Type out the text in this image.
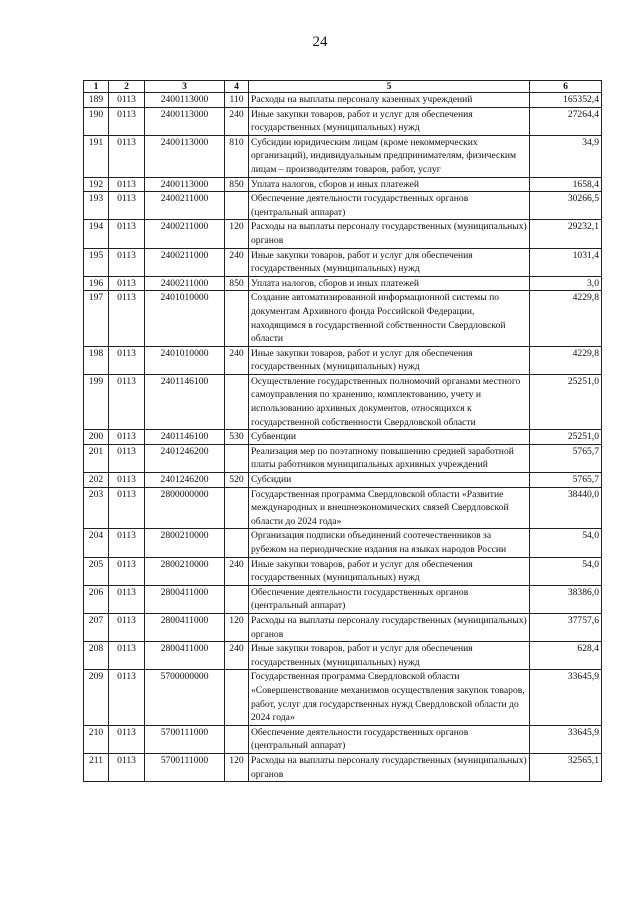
24
1	2	3	4	5	6
189	0113	2400113000	110	Расходы на выплаты персоналу казенных учреждений	165352,4
190	0113	2400113000	240	Иные закупки товаров, работ и услуг для обеспечения государственных (муниципальных) нужд	27264,4
191	0113	2400113000	810	Субсидии юридическим лицам (кроме некоммерческих организаций), индивидуальным предпринимателям, физическим лицам – производителям товаров, работ, услуг	34,9
192	0113	2400113000	850	Уплата налогов, сборов и иных платежей	1658,4
193	0113	2400211000		Обеспечение деятельности государственных органов (центральный аппарат)	30266,5
194	0113	2400211000	120	Расходы на выплаты персоналу государственных (муниципальных) органов	29232,1
195	0113	2400211000	240	Иные закупки товаров, работ и услуг для обеспечения государственных (муниципальных) нужд	1031,4
196	0113	2400211000	850	Уплата налогов, сборов и иных платежей	3,0
197	0113	2401010000		Создание автоматизированной информационной системы по документам Архивного фонда Российской Федерации, находящимся в государственной собственности Свердловской области	4229,8
198	0113	2401010000	240	Иные закупки товаров, работ и услуг для обеспечения государственных (муниципальных) нужд	4229,8
199	0113	2401146100		Осуществление государственных полномочий органами местного самоуправления по хранению, комплектованию, учету и использованию архивных документов, относящихся к государственной собственности Свердловской области	25251,0
200	0113	2401146100	530	Субвенции	25251,0
201	0113	2401246200		Реализация мер по поэтапному повышению средней заработной платы работников муниципальных архивных учреждений	5765,7
202	0113	2401246200	520	Субсидии	5765,7
203	0113	2800000000		Государственная программа Свердловской области «Развитие международных и внешнеэкономических связей Свердловской области до 2024 года»	38440,0
204	0113	2800210000		Организация подписки объединений соотечественников за рубежом на периодические издания на языках народов России	54,0
205	0113	2800210000	240	Иные закупки товаров, работ и услуг для обеспечения государственных (муниципальных) нужд	54,0
206	0113	2800411000		Обеспечение деятельности государственных органов (центральный аппарат)	38386,0
207	0113	2800411000	120	Расходы на выплаты персоналу государственных (муниципальных) органов	37757,6
208	0113	2800411000	240	Иные закупки товаров, работ и услуг для обеспечения государственных (муниципальных) нужд	628,4
209	0113	5700000000		Государственная программа Свердловской области «Совершенствование механизмов осуществления закупок товаров, работ, услуг для государственных нужд Свердловской области до 2024 года»	33645,9
210	0113	5700111000		Обеспечение деятельности государственных органов (центральный аппарат)	33645,9
211	0113	5700111000	120	Расходы на выплаты персоналу государственных (муниципальных) органов	32565,1
